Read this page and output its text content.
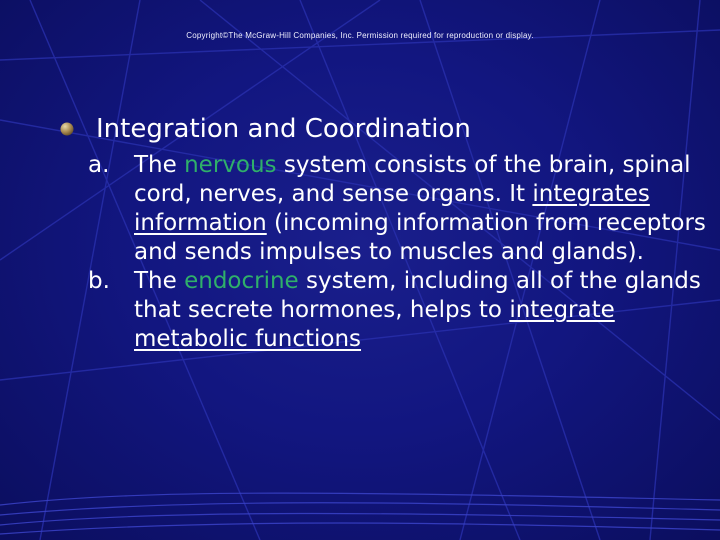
Copyright©The McGraw-Hill Companies, Inc. Permission required for reproduction or display.
Integration and Coordination
a. The nervous system consists of the brain, spinal cord, nerves, and sense organs. It integrates information (incoming information from receptors and sends impulses to muscles and glands).
b. The endocrine system, including all of the glands that secrete hormones, helps to integrate metabolic functions
